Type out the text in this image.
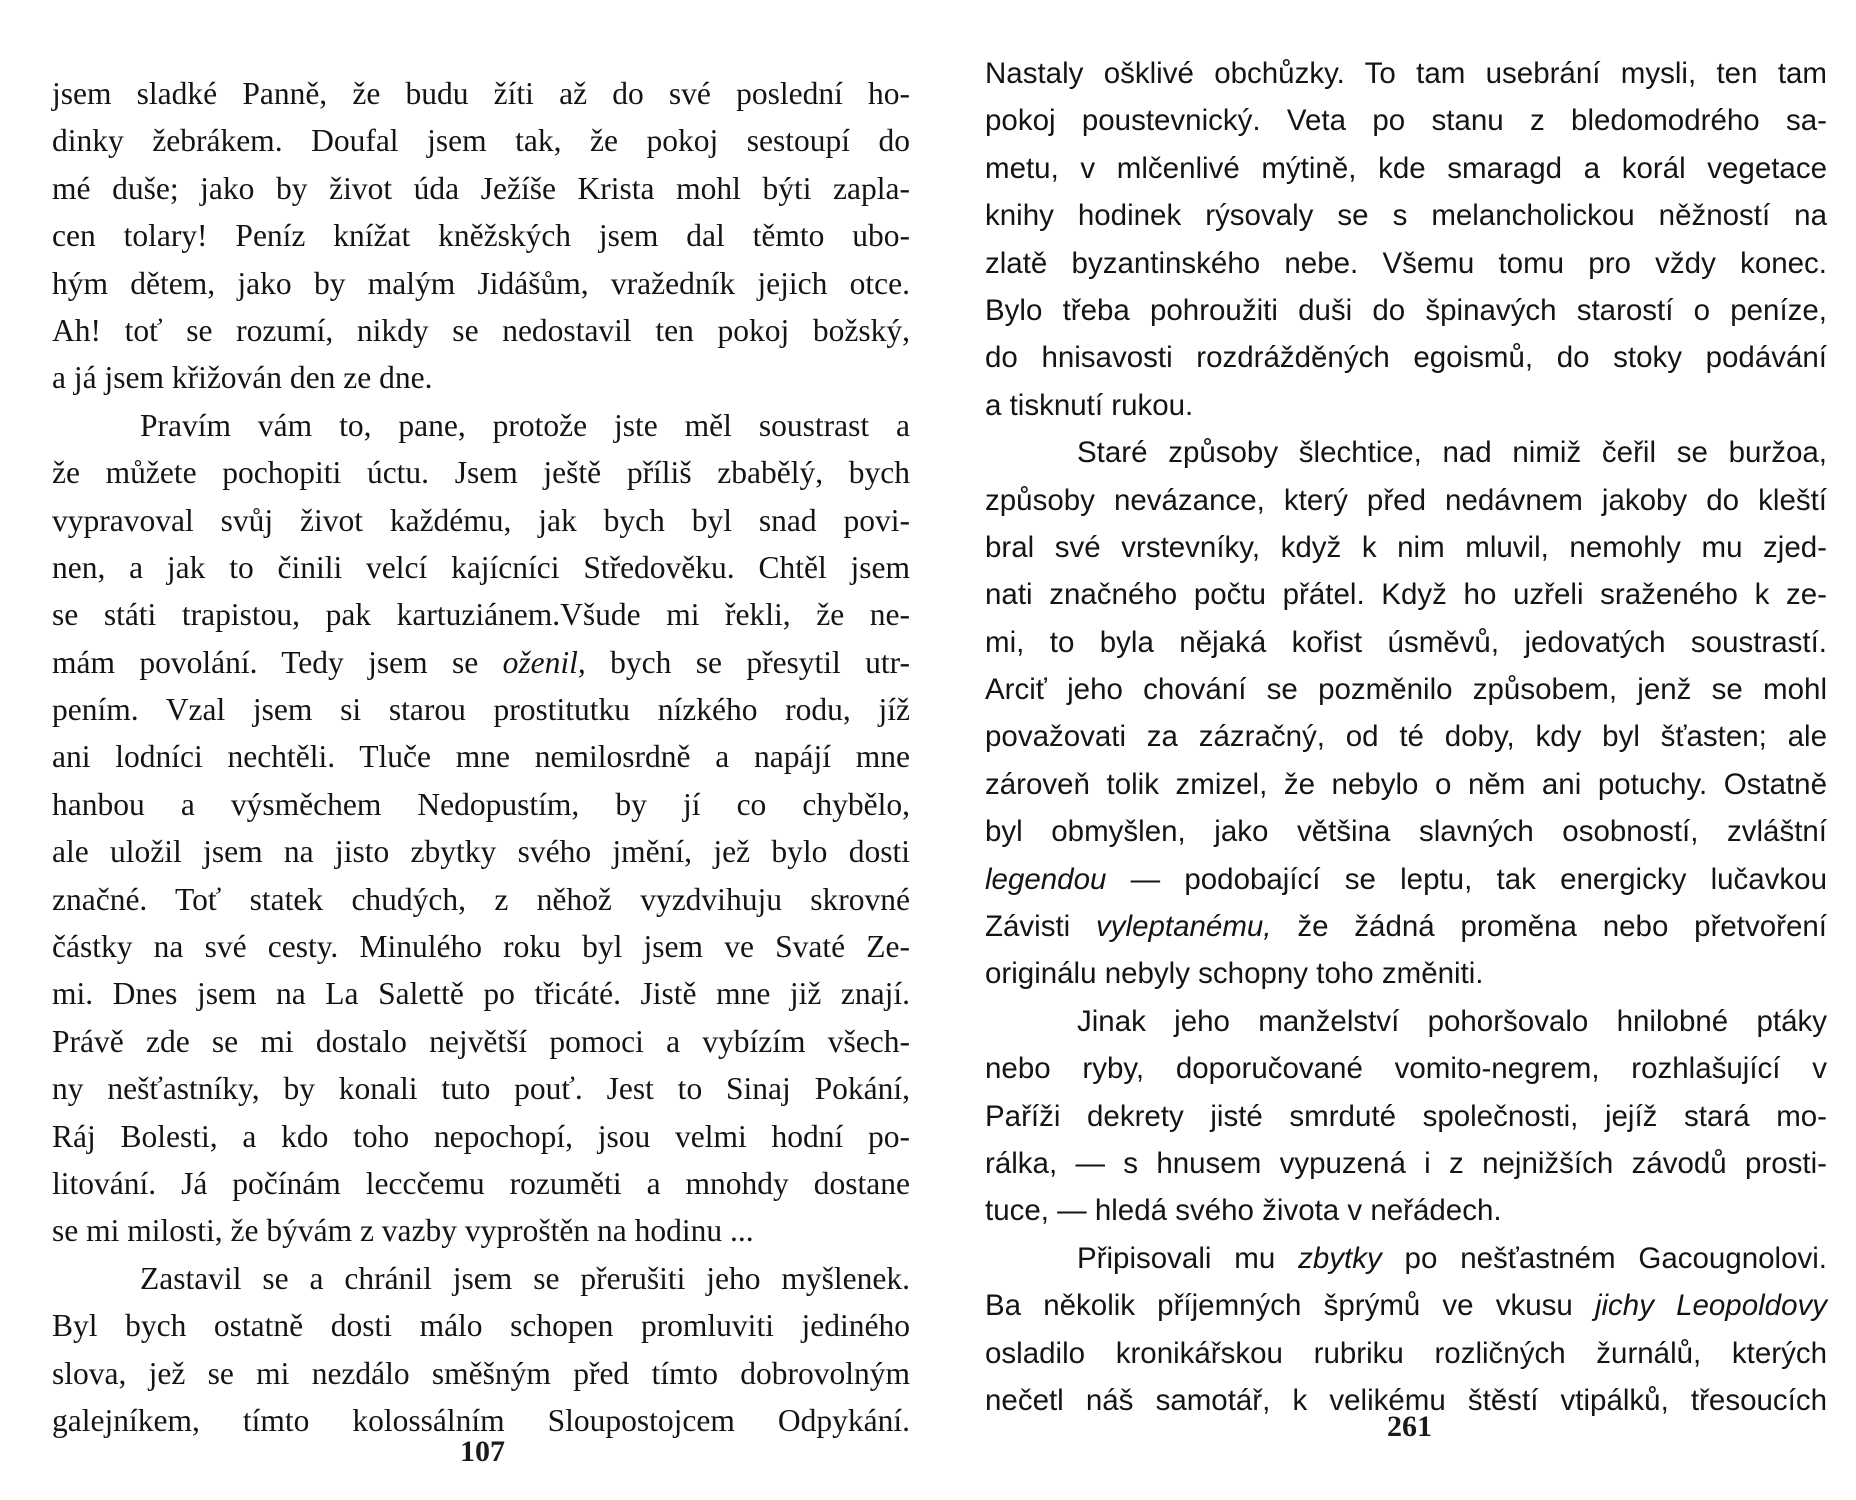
jsem sladké Panně, že budu žíti až do své poslední ho-
dinky žebrákem. Doufal jsem tak, že pokoj sestoupí do
mé duše; jako by život úda Ježíše Krista mohl býti zapla-
cen tolary! Peníz knížat kněžských jsem dal těmto ubo-
hým dětem, jako by malým Jidášům, vražedník jejich otce.
Ah! toť se rozumí, nikdy se nedostavil ten pokoj božský,
a já jsem křižován den ze dne.
Pravím vám to, pane, protože jste měl soustrast a
že můžete pochopiti úctu. Jsem ještě příliš zbabělý, bych
vypravoval svůj život každému, jak bych byl snad povi-
nen, a jak to činili velcí kajícníci Středověku. Chtěl jsem
se státi trapistou, pak kartuziánem.Všude mi řekli, že ne-
mám povolání. Tedy jsem se oženil, bych se přesytil utr-
pením. Vzal jsem si starou prostitutku nízkého rodu, jíž
ani lodníci nechtěli. Tluče mne nemilosrdně a napájí mne
hanbou a výsměchem Nedopustím, by jí co chybělo,
ale uložil jsem na jisto zbytky svého jmění, jež bylo dosti
značné. Toť statek chudých, z něhož vyzdvihuju skrovné
částky na své cesty. Minulého roku byl jsem ve Svaté Ze-
mi. Dnes jsem na La Salettě po třicáté. Jistě mne již znají.
Právě zde se mi dostalo největší pomoci a vybízím všech-
ny nešťastníky, by konali tuto pouť. Jest to Sinaj Pokání,
Ráj Bolesti, a kdo toho nepochopí, jsou velmi hodní po-
litování. Já počínám leccčemu rozuměti a mnohdy dostane
se mi milosti, že bývám z vazby vyproštěn na hodinu ...
Zastavil se a chránil jsem se přerušiti jeho myšlenek.
Byl bych ostatně dosti málo schopen promluviti jediného
slova, jež se mi nezdálo směšným před tímto dobrovolným
galejníkem, tímto kolossálním Sloupostojcem Odpykání.
107
Nastaly ošklivé obchůzky. To tam usebrání mysli, ten tam
pokoj poustevnický. Veta po stanu z bledomodrého sa-
metu, v mlčenlivé mýtině, kde smaragd a korál vegetace
knihy hodinek rýsovaly se s melancholickou něžností na
zlatě byzantinského nebe. Všemu tomu pro vždy konec.
Bylo třeba pohroužiti duši do špinavých starostí o peníze,
do hnisavosti rozdrážděných egoismů, do stoky podávání
a tisknutí rukou.
Staré způsoby šlechtice, nad nimiž čeřil se buržoa,
způsoby nevázance, který před nedávnem jakoby do kleští
bral své vrstevníky, když k nim mluvil, nemohly mu zjed-
nati značného počtu přátel. Když ho uzřeli sraženého k ze-
mi, to byla nějaká kořist úsměvů, jedovatých soustrastí.
Arciť jeho chování se pozměnilo způsobem, jenž se mohl
považovati za zázračný, od té doby, kdy byl šťasten; ale
zároveň tolik zmizel, že nebylo o něm ani potuchy. Ostatně
byl obmyšlen, jako většina slavných osobností, zvláštní
legendou — podobající se leptu, tak energicky lučavkou
Závisti vyleptanému, že žádná proměna nebo přetvoření
originálu nebyly schopny toho změniti.
Jinak jeho manželství pohoršovalo hnilobné ptáky
nebo ryby, doporučované vomito-negrem, rozhlašující v
Paříži dekrety jisté smrduté společnosti, jejíž stará mo-
rálka, — s hnusem vypuzená i z nejnižších závodů prosti-
tuce, — hledá svého života v neřádech.
Připisovali mu zbytky po nešťastném Gacougnolovi.
Ba několik příjemných šprýmů ve vkusu jichy Leopoldovy
osladilo kronikářskou rubriku rozličných žurnálů, kterých
nečetl náš samotář, k velikému štěstí vtipálků, třesoucích
261
